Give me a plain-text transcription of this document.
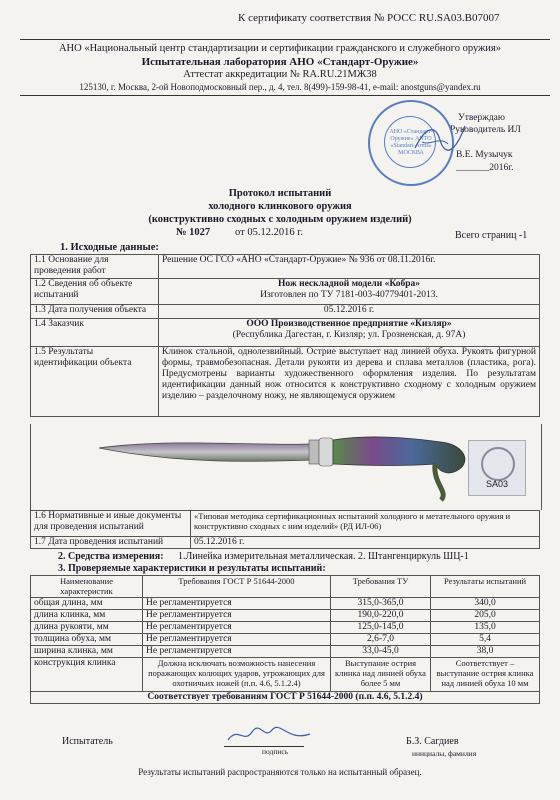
К сертификату соответствия № РОСС RU.SA03.B07007
АНО «Национальный центр стандартизации и сертификации гражданского и служебного оружия»
Испытательная лаборатория АНО «Стандарт-Оружие»
Аттестат аккредитации № RA.RU.21МЖ38
125130, г. Москва, 2-ой Новоподмосковный пер., д. 4, тел. 8(499)-159-98-41, e-mail: anostguns@yandex.ru
Утверждаю
Руководитель ИЛ
В.Е. Музычук
_______2016г.
АНО «Стандарт-Оружие» ANTO «Standart-Arms» МОСКВА
Протокол испытаний
холодного клинкового оружия
(конструктивно сходных с холодным оружием изделий)
№ 1027 от 05.12.2016 г.	Всего страниц -1
1. Исходные данные:
1.1 Основание для проведения работ	Решение ОС ГСО «АНО «Стандарт-Оружие» № 936 от 08.11.2016г.
1.2 Сведения об объекте испытаний	Нож нескладной модели «Кобра»
Изготовлен по ТУ 7181-003-40779401-2013.

1.3 Дата получения объекта	05.12.2016 г.
1.4 Заказчик	ООО Производственное предприятие «Кизляр»
(Республика Дагестан, г. Кизляр; ул. Грозненская, д. 97А)

1.5 Результаты идентификации объекта	Клинок стальной, однолезвийный. Острие выступает над линией обуха. Рукоять фигурной формы, травмобезопасная. Детали рукояти из дерева и сплава металлов (пластика, рога). Предусмотрены варианты художественного оформления изделия. По результатам идентификации данный нож относится к конструктивно сходному с холодным оружием изделию – разделочному ножу, не являющемуся оружием
SA03
1.6 Нормативные и иные документы для проведения испытаний	«Типовая методика сертификационных испытаний холодного и метательного оружия и конструктивно сходных с ним изделий» (РД ИЛ-06)
1.7 Дата проведения испытаний	05.12.2016 г.
2. Средства измерения: 1.Линейка измерительная металлическая. 2. Штангенциркуль ШЦ-1
3. Проверяемые характеристики и результаты испытаний:
Наименование характеристик	Требования ГОСТ Р 51644-2000	Требования ТУ	Результаты испытаний
общая длина, мм	Не регламентируется	315,0-365,0	340,0
длина клинка, мм	Не регламентируется	190,0-220,0	205,0
длина рукояти, мм	Не регламентируется	125,0-145,0	135,0
толщина обуха, мм	Не регламентируется	2,6-7,0	5,4
ширина клинка, мм	Не регламентируется	33,0-45,0	38,0
конструкция клинка	Должна исключать возможность нанесения поражающих колющих ударов, угрожающих для охотничьих ножей (п.п. 4.6, 5.1.2.4)	Выступание острия клинка над линией обуха более 5 мм	Соответствует – выступание острия клинка над линией обуха 10 мм
Соответствует требованиям ГОСТ Р 51644-2000 (п.п. 4.6, 5.1.2.4)			
Испытатель
подпись
Б.З. Сагдиев
инициалы, фамилия
Результаты испытаний распространяются только на испытанный образец.
